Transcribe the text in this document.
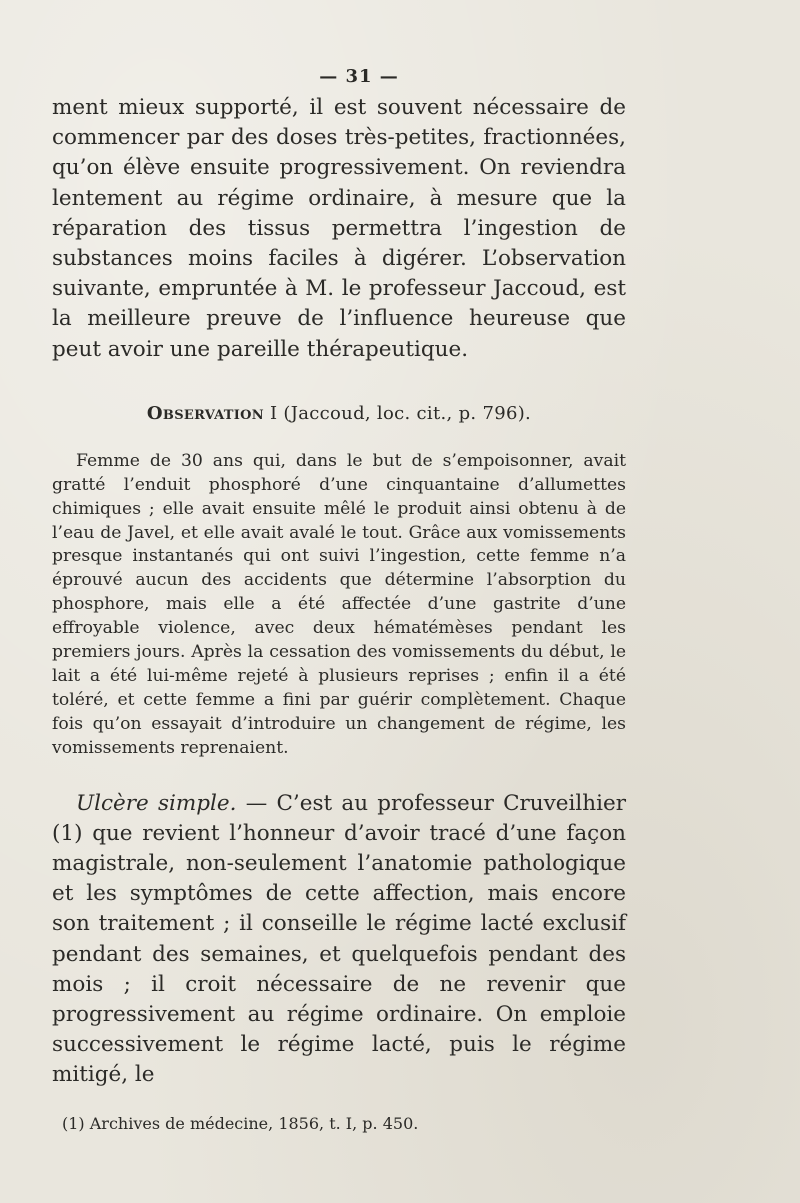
— 31 —

ment mieux supporté, il est souvent nécessaire de commencer par des doses très-petites, fractionnées, qu’on élève ensuite progressivement. On reviendra lentement au régime ordinaire, à mesure que la réparation des tissus permettra l’ingestion de substances moins faciles à digérer. L’observation suivante, empruntée à M. le professeur Jaccoud, est la meilleure preuve de l’influence heureuse que peut avoir une pareille thérapeutique.

Observation I (Jaccoud, loc. cit., p. 796).

Femme de 30 ans qui, dans le but de s’empoisonner, avait gratté l’enduit phosphoré d’une cinquantaine d’allumettes chimiques ; elle avait ensuite mêlé le produit ainsi obtenu à de l’eau de Javel, et elle avait avalé le tout. Grâce aux vomissements presque instantanés qui ont suivi l’ingestion, cette femme n’a éprouvé aucun des accidents que détermine l’absorption du phosphore, mais elle a été affectée d’une gastrite d’une effroyable violence, avec deux hématémèses pendant les premiers jours. Après la cessation des vomissements du début, le lait a été lui-même rejeté à plusieurs reprises ; enfin il a été toléré, et cette femme a fini par guérir complètement. Chaque fois qu’on essayait d’introduire un changement de régime, les vomissements reprenaient.

Ulcère simple. — C’est au professeur Cruveilhier (1) que revient l’honneur d’avoir tracé d’une façon magistrale, non-seulement l’anatomie pathologique et les symptômes de cette affection, mais encore son traitement ; il conseille le régime lacté exclusif pendant des semaines, et quelquefois pendant des mois ; il croit nécessaire de ne revenir que progressivement au régime ordinaire. On emploie successivement le régime lacté, puis le régime mitigé, le

(1) Archives de médecine, 1856, t. I, p. 450.
